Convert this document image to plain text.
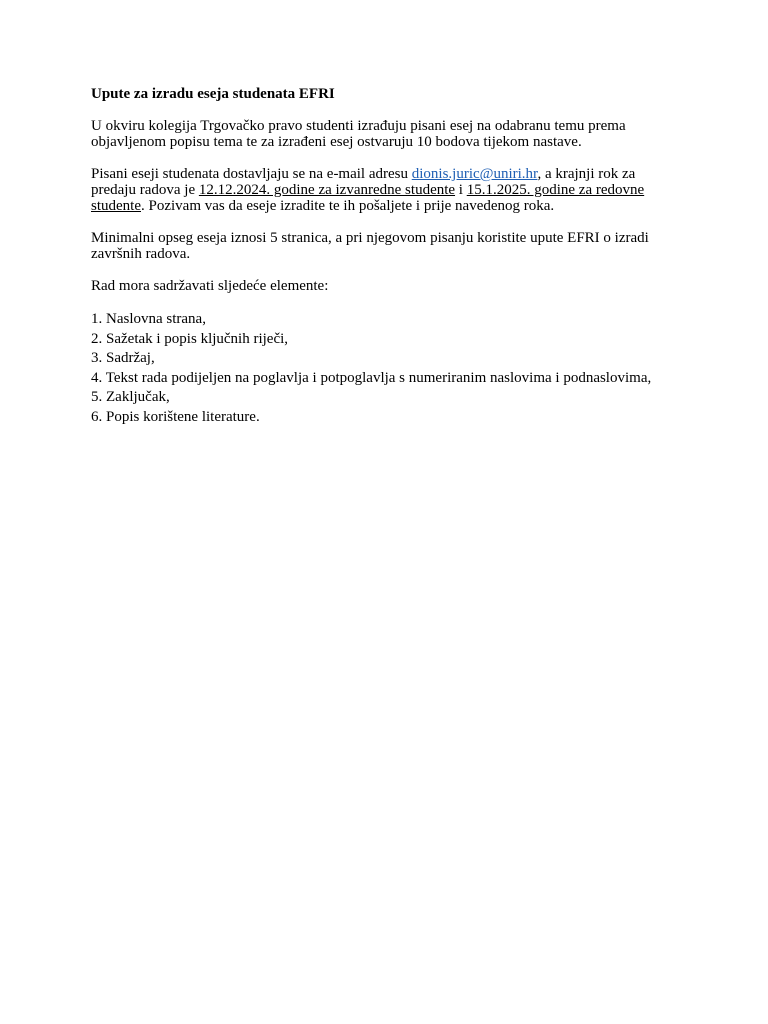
Upute za izradu eseja studenata EFRI
U okviru kolegija Trgovačko pravo studenti izrađuju pisani esej na odabranu temu prema objavljenom popisu tema te za izrađeni esej ostvaruju 10 bodova tijekom nastave.
Pisani eseji studenata dostavljaju se na e-mail adresu dionis.juric@uniri.hr, a krajnji rok za predaju radova je 12.12.2024. godine za izvanredne studente i 15.1.2025. godine za redovne studente. Pozivam vas da eseje izradite te ih pošaljete i prije navedenog roka.
Minimalni opseg eseja iznosi 5 stranica, a pri njegovom pisanju koristite upute EFRI o izradi završnih radova.
Rad mora sadržavati sljedeće elemente:
1. Naslovna strana,
2. Sažetak i popis ključnih riječi,
3. Sadržaj,
4. Tekst rada podijeljen na poglavlja i potpoglavlja s numeriranim naslovima i podnaslovima,
5. Zaključak,
6. Popis korištene literature.
